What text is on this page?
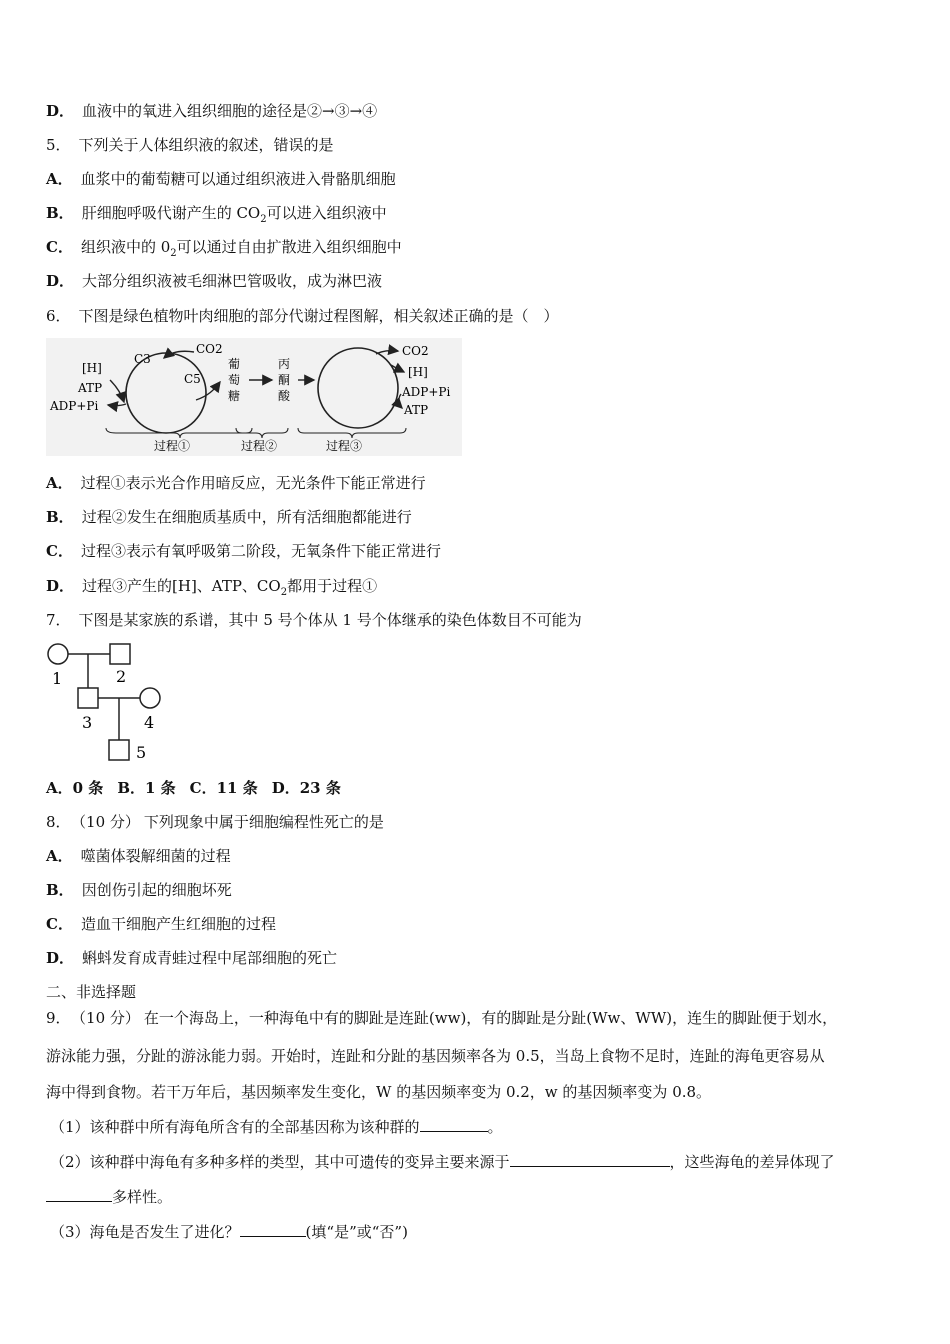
D． 血液中的氧进入组织细胞的途径是②→③→④
5． 下列关于人体组织液的叙述，错误的是
A． 血浆中的葡萄糖可以通过组织液进入骨骼肌细胞
B． 肝细胞呼吸代谢产生的 $CO_2$可以进入组织液中
C． 组织液中的 $0_2$可以通过自由扩散进入组织细胞中
D． 大部分组织液被毛细淋巴管吸收，成为淋巴液
6． 下图是绿色植物叶肉细胞的部分代谢过程图解，相关叙述正确的是（　）
C3
C5
CO2
[H]
ATP
ADP+Pi
葡
萄
糖
丙
酮
酸
CO2
[H]
ADP+Pi
ATP
过程①	过程②	过程③
A． 过程①表示光合作用暗反应，无光条件下能正常进行
B． 过程②发生在细胞质基质中，所有活细胞都能进行
C． 过程③表示有氧呼吸第二阶段，无氧条件下能正常进行
D． 过程③产生的[H]、ATP、$CO_2$都用于过程①
7． 下图是某家族的系谱，其中 5 号个体从 1 号个体继承的染色体数目不可能为
1	2
3	4
5
A．0 条 B．1 条 C．11 条 D．23 条
8． （10 分） 下列现象中属于细胞编程性死亡的是
A． 噬菌体裂解细菌的过程
B． 因创伤引起的细胞坏死
C． 造血干细胞产生红细胞的过程
D． 蝌蚪发育成青蛙过程中尾部细胞的死亡
二、非选择题
9． （10 分） 在一个海岛上，一种海龟中有的脚趾是连趾(ww)，有的脚趾是分趾(Ww、WW)，连生的脚趾便于划水，
游泳能力强，分趾的游泳能力弱。开始时，连趾和分趾的基因频率各为 0.5，当岛上食物不足时，连趾的海龟更容易从
海中得到食物。若干万年后，基因频率发生变化，W 的基因频率变为 0.2，w 的基因频率变为 0.8。
（1）该种群中所有海龟所含有的全部基因称为该种群的	。
（2）该种群中海龟有多种多样的类型，其中可遗传的变异主要来源于	，这些海龟的差异体现了
多样性。
（3）海龟是否发生了进化？	(填“是”或“否”)
